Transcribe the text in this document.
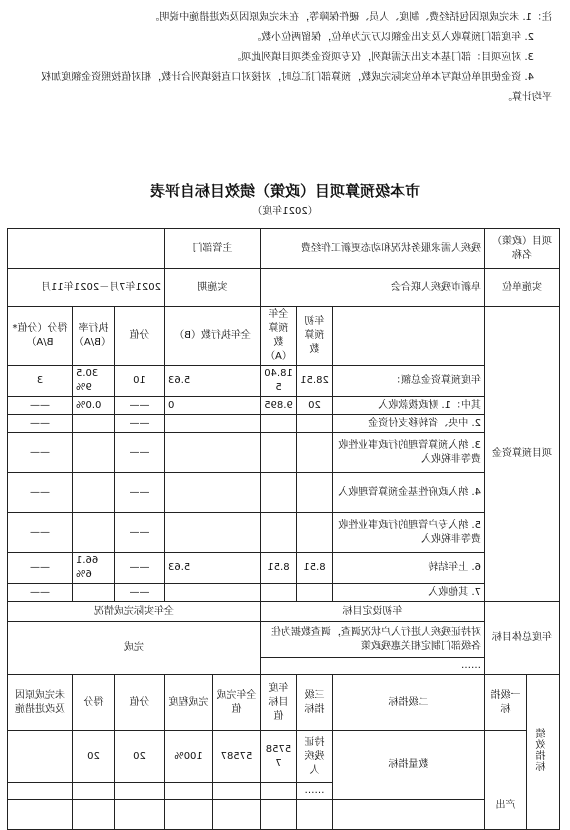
注：1. 未完成原因包括经费、制度、人员、硬件保障等，在未完成原因及改进措施中说明。

2. 年度部门预算收入及支出金额以万元为单位，保留两位小数。

3. 对应项目：部门基本支出无需填列，仅专项资金类项目填列此项。

4. 资金使用单位填写本单位实际完成数，预算部门汇总时，对接对口直接填列合计数，相对值按照资金额度加权

平均计算。

市本级预算项目（政策）绩效目标自评表
（2021年度）
项目（政策）名称		残疾人需求服务状况和动态更新工作经费			主管部门				
实施单位		阜新市残疾人联合会			实施期		2021年7月－2021年11月		
项目预算资金			年初预算数	全年预算数（A）	全年执行数（B）		分值	执行率（B/A）	得分（分值*B/A）
		年度预算资金总额：	28.51	18.405	5.63		10	30.59%	3
		其中：1. 财政拨款收入	20	9.895	0		——	0.0%	——
		2. 中央、省转移支付资金					——		——
		3. 纳入预算管理的行政事业性收费等非税收入					——		——
		4. 纳入政府性基金预算管理收入					——		——
		5. 纳入专户管理的行政事业性收费等非税收入					——		——
		6. 上年结转	8.51	8.51	5.63		——	66.16%	——
		7. 其他收入					——		——
年度总体目标		年初设定目标			全年实际完成情况				
		对持证残疾人进行入户状况调查，调查数据为住各级部门制定相关惠残政策			完成				
		……							
绩效指标	一级指标	二级指标	三级指标	年度目标值	全年完成值	完成程度	分值	得分	未完成原因及改进措施
	产出	数量指标	持证残疾人	57587	57587	100%	20	20	
			……						
